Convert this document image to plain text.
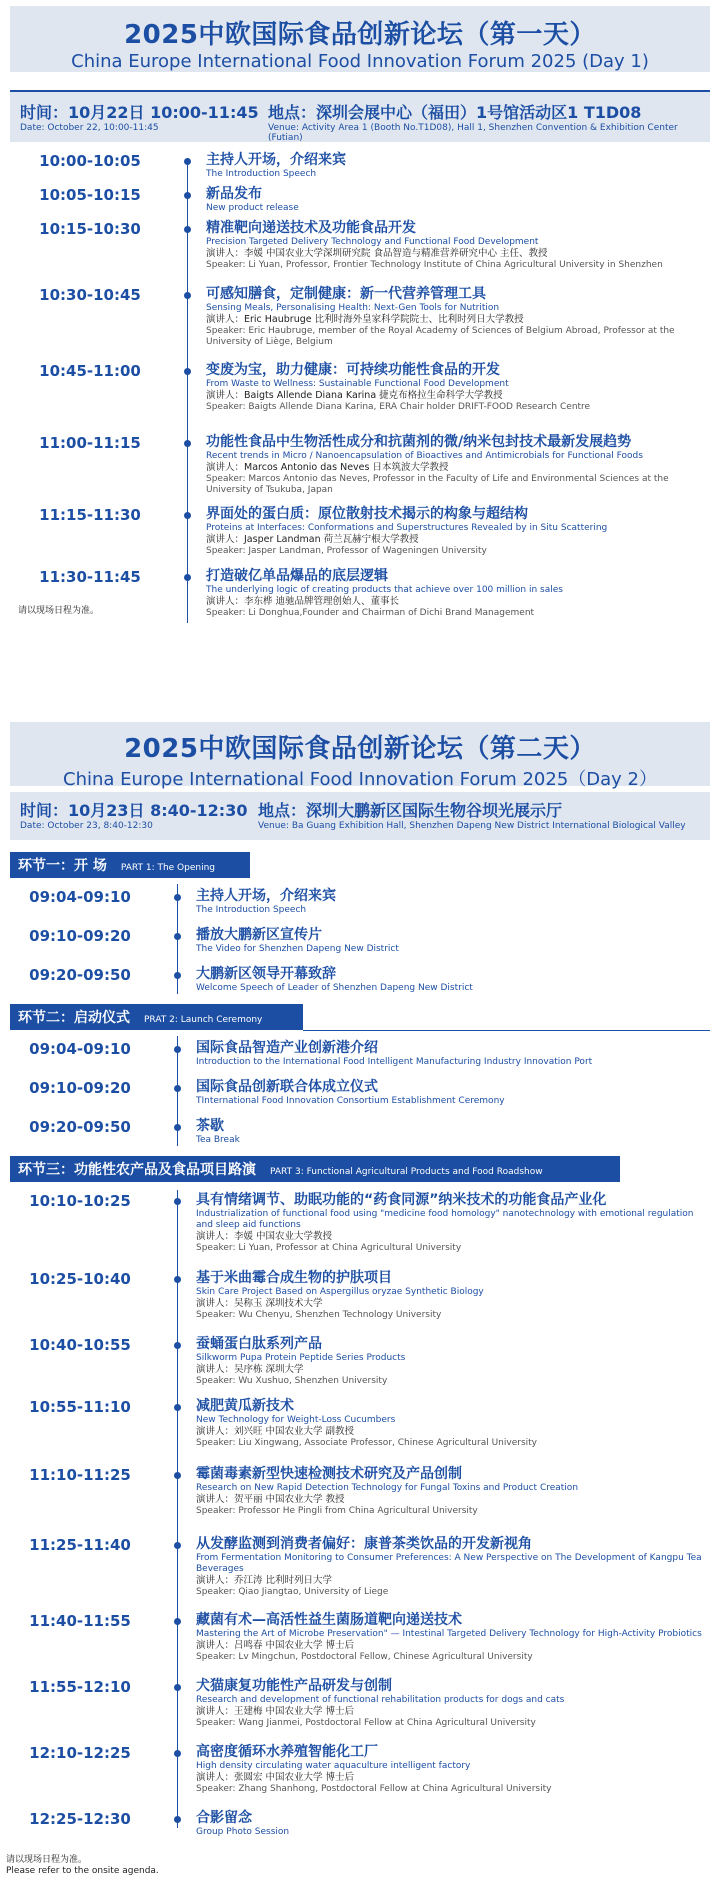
2025中欧国际食品创新论坛（第一天）
China Europe International Food Innovation Forum 2025 (Day 1)
时间：10月22日 10:00-11:45
Date: October 22, 10:00-11:45
地点：深圳会展中心（福田）1号馆活动区1 T1D08
Venue: Activity Area 1 (Booth No.T1D08), Hall 1, Shenzhen Convention & Exhibition Center (Futian)
10:00-10:05	主持人开场，介绍来宾
The Introduction Speech
10:05-10:15	新品发布
New product release
10:15-10:30	精准靶向递送技术及功能食品开发
Precision Targeted Delivery Technology and Functional Food Development
演讲人：李媛 中国农业大学深圳研究院 食品智造与精准营养研究中心 主任、教授
Speaker: Li Yuan, Professor, Frontier Technology Institute of China Agricultural University in Shenzhen
10:30-10:45	可感知膳食，定制健康：新一代营养管理工具
Sensing Meals, Personalising Health: Next-Gen Tools for Nutrition
演讲人：Eric Haubruge 比利时海外皇家科学院院士、比利时列日大学教授
Speaker: Eric Haubruge, member of the Royal Academy of Sciences of Belgium Abroad, Professor at the University of Liège, Belgium
10:45-11:00	变废为宝，助力健康：可持续功能性食品的开发
From Waste to Wellness: Sustainable Functional Food Development
演讲人：Baigts Allende Diana Karina 捷克布格拉生命科学大学教授
Speaker: Baigts Allende Diana Karina, ERA Chair holder DRIFT-FOOD Research Centre
11:00-11:15	功能性食品中生物活性成分和抗菌剂的微/纳米包封技术最新发展趋势
Recent trends in Micro / Nanoencapsulation of Bioactives and Antimicrobials for Functional Foods
演讲人：Marcos Antonio das Neves 日本筑波大学教授
Speaker: Marcos Antonio das Neves, Professor in the Faculty of Life and Environmental Sciences at the University of Tsukuba, Japan
11:15-11:30	界面处的蛋白质：原位散射技术揭示的构象与超结构
Proteins at Interfaces: Conformations and Superstructures Revealed by in Situ Scattering
演讲人：Jasper Landman 荷兰瓦赫宁根大学教授
Speaker: Jasper Landman, Professor of Wageningen University
11:30-11:45	打造破亿单品爆品的底层逻辑
The underlying logic of creating products that achieve over 100 million in sales
演讲人：李东桦 迪驰品牌管理创始人、董事长
Speaker: Li Donghua,Founder and Chairman of Dichi Brand Management
请以现场日程为准。
2025中欧国际食品创新论坛（第二天）
China Europe International Food Innovation Forum 2025（Day 2）
时间：10月23日 8:40-12:30
Date: October 23, 8:40-12:30
地点：深圳大鹏新区国际生物谷坝光展示厅
Venue: Ba Guang Exhibition Hall, Shenzhen Dapeng New District International Biological Valley
环节一：开 场 PART 1: The Opening
09:04-09:10	主持人开场，介绍来宾
The Introduction Speech
09:10-09:20	播放大鹏新区宣传片
The Video for Shenzhen Dapeng New District
09:20-09:50	大鹏新区领导开幕致辞
Welcome Speech of Leader of Shenzhen Dapeng New District
环节二：启动仪式 PRAT 2: Launch Ceremony
09:04-09:10	国际食品智造产业创新港介绍
Introduction to the International Food Intelligent Manufacturing Industry Innovation Port
09:10-09:20	国际食品创新联合体成立仪式
TInternational Food Innovation Consortium Establishment Ceremony
09:20-09:50	茶歇
Tea Break
环节三：功能性农产品及食品项目路演 PART 3: Functional Agricultural Products and Food Roadshow
10:10-10:25	具有情绪调节、助眠功能的“药食同源”纳米技术的功能食品产业化
Industrialization of functional food using "medicine food homology" nanotechnology with emotional regulation and sleep aid functions
演讲人：李媛 中国农业大学教授
Speaker: Li Yuan, Professor at China Agricultural University
10:25-10:40	基于米曲霉合成生物的护肤项目
Skin Care Project Based on Aspergillus oryzae Synthetic Biology
演讲人：吴称玉 深圳技术大学
Speaker: Wu Chenyu, Shenzhen Technology University
10:40-10:55	蚕蛹蛋白肽系列产品
Silkworm Pupa Protein Peptide Series Products
演讲人：吴序栋 深圳大学
Speaker: Wu Xushuo, Shenzhen University
10:55-11:10	减肥黄瓜新技术
New Technology for Weight-Loss Cucumbers
演讲人：刘兴旺 中国农业大学 副教授
Speaker: Liu Xingwang, Associate Professor, Chinese Agricultural University
11:10-11:25	霉菌毒素新型快速检测技术研究及产品创制
Research on New Rapid Detection Technology for Fungal Toxins and Product Creation
演讲人：贺平丽 中国农业大学 教授
Speaker: Professor He Pingli from China Agricultural University
11:25-11:40	从发酵监测到消费者偏好：康普茶类饮品的开发新视角
From Fermentation Monitoring to Consumer Preferences: A New Perspective on The Development of Kangpu Tea Beverages
演讲人：乔江涛 比利时列日大学
Speaker: Qiao Jiangtao, University of Liege
11:40-11:55	藏菌有术—高活性益生菌肠道靶向递送技术
Mastering the Art of Microbe Preservation" — Intestinal Targeted Delivery Technology for High-Activity Probiotics
演讲人：吕鸣春 中国农业大学 博士后
Speaker: Lv Mingchun, Postdoctoral Fellow, Chinese Agricultural University
11:55-12:10	犬猫康复功能性产品研发与创制
Research and development of functional rehabilitation products for dogs and cats
演讲人：王建梅 中国农业大学 博士后
Speaker: Wang Jianmei, Postdoctoral Fellow at China Agricultural University
12:10-12:25	高密度循环水养殖智能化工厂
High density circulating water aquaculture intelligent factory
演讲人：张圆宏 中国农业大学 博士后
Speaker: Zhang Shanhong, Postdoctoral Fellow at China Agricultural University
12:25-12:30	合影留念
Group Photo Session
请以现场日程为准。
Please refer to the onsite agenda.
